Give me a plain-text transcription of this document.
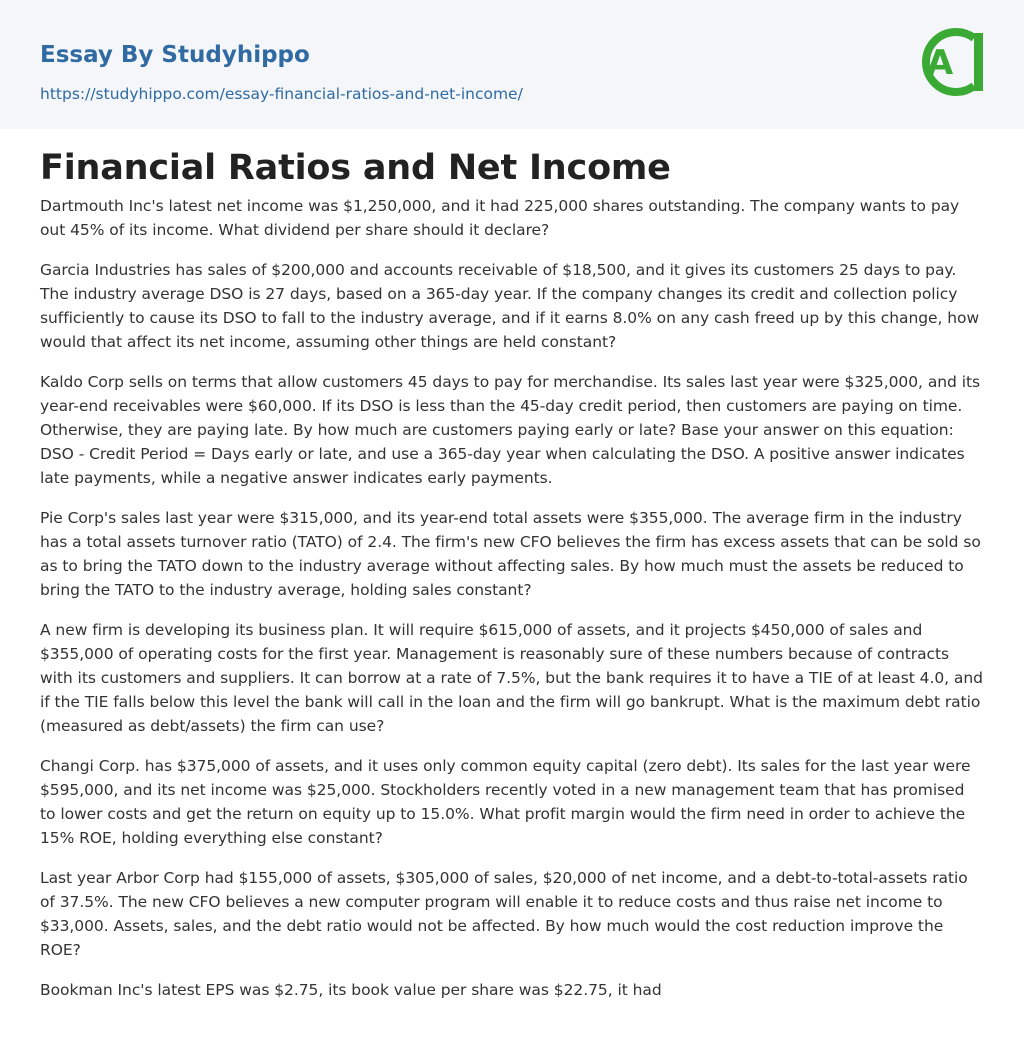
Essay By Studyhippo
https://studyhippo.com/essay-financial-ratios-and-net-income/
A
Financial Ratios and Net Income

Dartmouth Inc's latest net income was $1,250,000, and it had 225,000 shares outstanding. The company wants to pay out 45% of its income. What dividend per share should it declare?

Garcia Industries has sales of $200,000 and accounts receivable of $18,500, and it gives its customers 25 days to pay. The industry average DSO is 27 days, based on a 365-day year. If the company changes its credit and collection policy sufficiently to cause its DSO to fall to the industry average, and if it earns 8.0% on any cash freed up by this change, how would that affect its net income, assuming other things are held constant?

Kaldo Corp sells on terms that allow customers 45 days to pay for merchandise. Its sales last year were $325,000, and its year-end receivables were $60,000. If its DSO is less than the 45-day credit period, then customers are paying on time. Otherwise, they are paying late. By how much are customers paying early or late? Base your answer on this equation: DSO - Credit Period = Days early or late, and use a 365-day year when calculating the DSO. A positive answer indicates late payments, while a negative answer indicates early payments.

Pie Corp's sales last year were $315,000, and its year-end total assets were $355,000. The average firm in the industry has a total assets turnover ratio (TATO) of 2.4. The firm's new CFO believes the firm has excess assets that can be sold so as to bring the TATO down to the industry average without affecting sales. By how much must the assets be reduced to bring the TATO to the industry average, holding sales constant?

A new firm is developing its business plan. It will require $615,000 of assets, and it projects $450,000 of sales and $355,000 of operating costs for the first year. Management is reasonably sure of these numbers because of contracts with its customers and suppliers. It can borrow at a rate of 7.5%, but the bank requires it to have a TIE of at least 4.0, and if the TIE falls below this level the bank will call in the loan and the firm will go bankrupt. What is the maximum debt ratio (measured as debt/assets) the firm can use?

Changi Corp. has $375,000 of assets, and it uses only common equity capital (zero debt). Its sales for the last year were $595,000, and its net income was $25,000. Stockholders recently voted in a new management team that has promised to lower costs and get the return on equity up to 15.0%. What profit margin would the firm need in order to achieve the 15% ROE, holding everything else constant?

Last year Arbor Corp had $155,000 of assets, $305,000 of sales, $20,000 of net income, and a debt-to-total-assets ratio of 37.5%. The new CFO believes a new computer program will enable it to reduce costs and thus raise net income to $33,000. Assets, sales, and the debt ratio would not be affected. By how much would the cost reduction improve the ROE?

Bookman Inc's latest EPS was $2.75, its book value per share was $22.75, it had
